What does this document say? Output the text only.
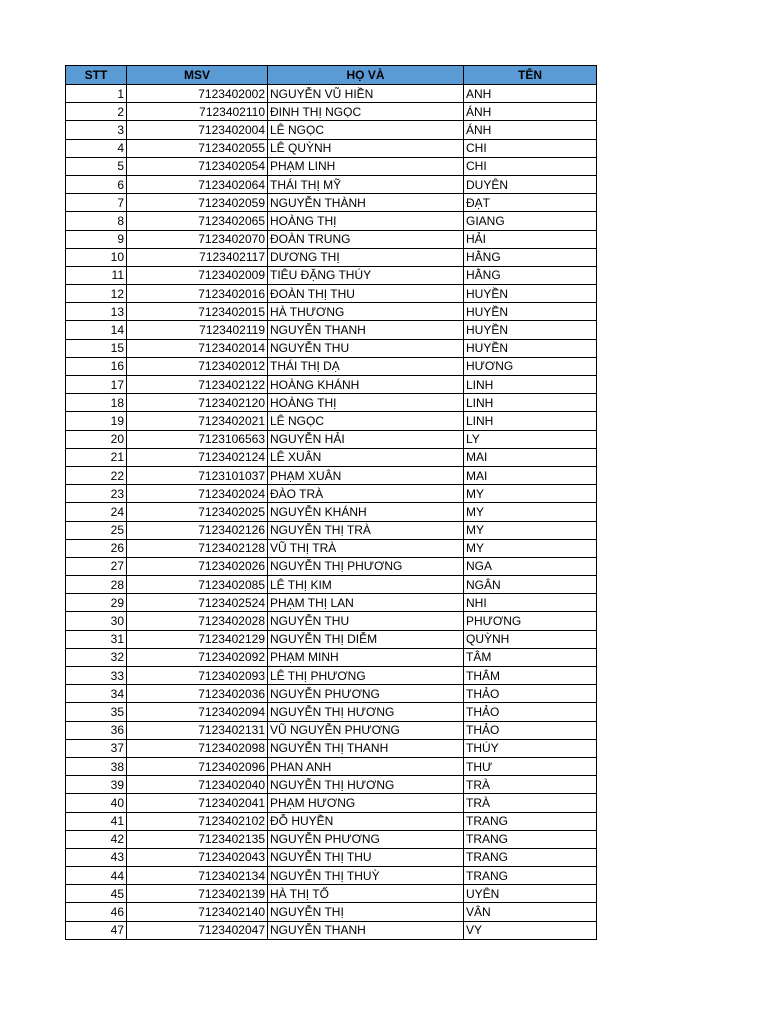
STT	MSV	HỌ VÀ	TÊN
1	7123402002	NGUYỄN VŨ HIỀN	ANH
2	7123402110	ĐINH THỊ NGỌC	ÁNH
3	7123402004	LÊ NGỌC	ÁNH
4	7123402055	LÊ QUỲNH	CHI
5	7123402054	PHẠM LINH	CHI
6	7123402064	THÁI THỊ MỸ	DUYÊN
7	7123402059	NGUYỄN THÀNH	ĐẠT
8	7123402065	HOÀNG THỊ	GIANG
9	7123402070	ĐOÀN TRUNG	HẢI
10	7123402117	DƯƠNG THỊ	HẰNG
11	7123402009	TIÊU ĐẶNG THÚY	HẰNG
12	7123402016	ĐOÀN THỊ THU	HUYỀN
13	7123402015	HÀ THƯƠNG	HUYỀN
14	7123402119	NGUYỄN THANH	HUYỀN
15	7123402014	NGUYỄN THU	HUYỀN
16	7123402012	THÁI THỊ DẠ	HƯƠNG
17	7123402122	HOÀNG KHÁNH	LINH
18	7123402120	HOÀNG THỊ	LINH
19	7123402021	LÊ NGỌC	LINH
20	7123106563	NGUYỄN HẢI	LY
21	7123402124	LÊ XUÂN	MAI
22	7123101037	PHẠM XUÂN	MAI
23	7123402024	ĐÀO TRÀ	MY
24	7123402025	NGUYỄN KHÁNH	MY
25	7123402126	NGUYỄN THỊ TRÀ	MY
26	7123402128	VŨ THỊ TRÀ	MY
27	7123402026	NGUYỄN THỊ PHƯƠNG	NGA
28	7123402085	LÊ THỊ KIM	NGÂN
29	7123402524	PHẠM THỊ LAN	NHI
30	7123402028	NGUYỄN THU	PHƯƠNG
31	7123402129	NGUYỄN THỊ DIỄM	QUỲNH
32	7123402092	PHẠM MINH	TÂM
33	7123402093	LÊ THỊ PHƯƠNG	THẮM
34	7123402036	NGUYỄN PHƯƠNG	THẢO
35	7123402094	NGUYỄN THỊ HƯƠNG	THẢO
36	7123402131	VŨ NGUYỄN PHƯƠNG	THẢO
37	7123402098	NGUYỄN THỊ THANH	THÚY
38	7123402096	PHAN ANH	THƯ
39	7123402040	NGUYỄN THỊ HƯƠNG	TRÀ
40	7123402041	PHẠM HƯƠNG	TRÀ
41	7123402102	ĐỖ HUYỀN	TRANG
42	7123402135	NGUYỄN PHƯƠNG	TRANG
43	7123402043	NGUYỄN THỊ THU	TRANG
44	7123402134	NGUYỄN THỊ THUỲ	TRANG
45	7123402139	HÀ THỊ TỐ	UYÊN
46	7123402140	NGUYỄN THỊ	VÂN
47	7123402047	NGUYỄN THANH	VY
